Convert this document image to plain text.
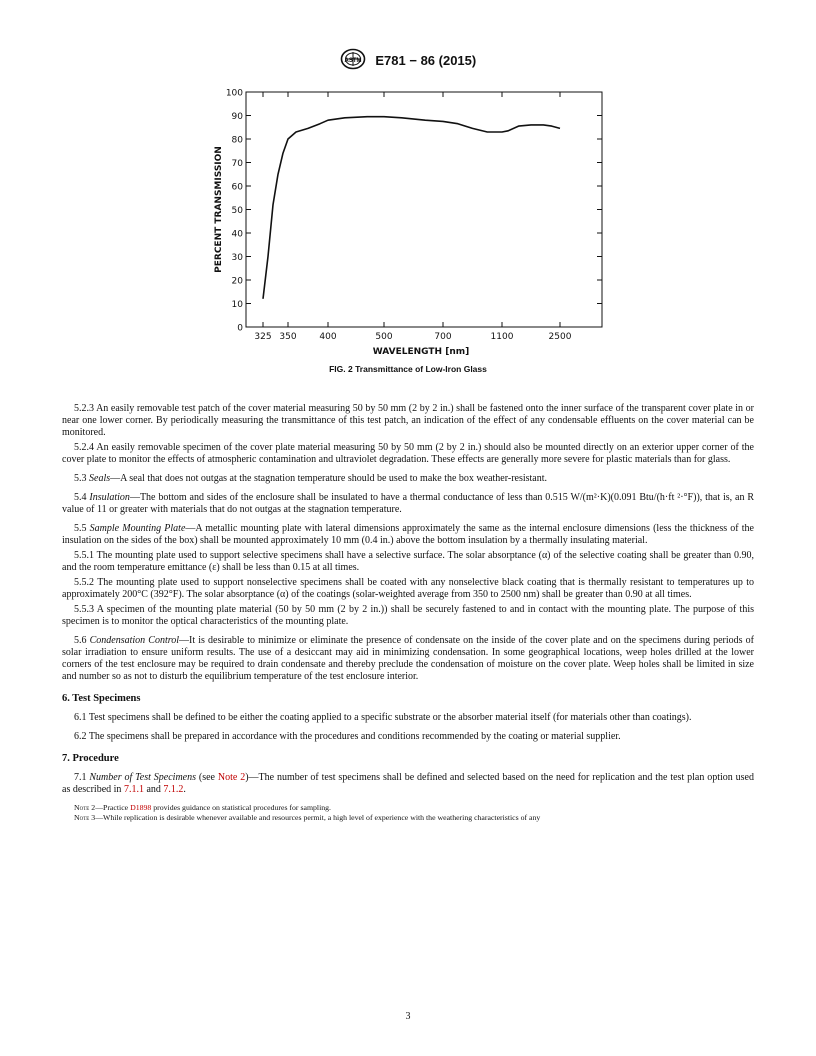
ASTM E781 − 86 (2015)
0
10
20
30
40
50
60
70
80
90
100
325 350	400	500	700	1100	2500
WAVELENGTH [nm]
PERCENT TRANSMISSION
FIG. 2 Transmittance of Low-Iron Glass

5.2.3 An easily removable test patch of the cover material measuring 50 by 50 mm (2 by 2 in.) shall be fastened onto the inner surface of the transparent cover plate in or near one lower corner. By periodically measuring the transmittance of this test patch, an indication of the effect of any condensable effluents on the cover material can be monitored.

5.2.4 An easily removable specimen of the cover plate material measuring 50 by 50 mm (2 by 2 in.) should also be mounted directly on an exterior upper corner of the cover plate to monitor the effects of atmospheric contamination and ultraviolet degradation. These effects are generally more severe for plastic materials than for glass.

5.3 Seals—A seal that does not outgas at the stagnation temperature should be used to make the box weather-resistant.

5.4 Insulation—The bottom and sides of the enclosure shall be insulated to have a thermal conductance of less than 0.515 W/(m²·K)(0.091 Btu/(h·ft ²·°F)), that is, an R value of 11 or greater with materials that do not outgas at the stagnation temperature.

5.5 Sample Mounting Plate—A metallic mounting plate with lateral dimensions approximately the same as the internal enclosure dimensions (less the thickness of the insulation on the sides of the box) shall be mounted approximately 10 mm (0.4 in.) above the bottom insulation by a thermally insulating material.

5.5.1 The mounting plate used to support selective specimens shall have a selective surface. The solar absorptance (α) of the selective coating shall be greater than 0.90, and the room temperature emittance (ε) shall be less than 0.15 at all times.

5.5.2 The mounting plate used to support nonselective specimens shall be coated with any nonselective black coating that is thermally resistant to temperatures up to approximately 200°C (392°F). The solar absorptance (α) of the coatings (solar-weighted average from 350 to 2500 nm) shall be greater than 0.90 at all times.

5.5.3 A specimen of the mounting plate material (50 by 50 mm (2 by 2 in.)) shall be securely fastened to and in contact with the mounting plate. The purpose of this specimen is to monitor the optical characteristics of the mounting plate.

5.6 Condensation Control—It is desirable to minimize or eliminate the presence of condensate on the inside of the cover plate and on the specimens during periods of solar irradiation to ensure uniform results. The use of a desiccant may aid in minimizing condensation. In some geographical locations, weep holes drilled at the lower corners of the test enclosure may be required to drain condensate and thereby preclude the condensation of moisture on the cover plate. Weep holes shall be limited in size and number so as not to disturb the equilibrium temperature of the test enclosure interior.

6. Test Specimens

6.1 Test specimens shall be defined to be either the coating applied to a specific substrate or the absorber material itself (for materials other than coatings).

6.2 The specimens shall be prepared in accordance with the procedures and conditions recommended by the coating or material supplier.

7. Procedure

7.1 Number of Test Specimens (see Note 2)—The number of test specimens shall be defined and selected based on the need for replication and the test plan option used as described in 7.1.1 and 7.1.2.

Note 2—Practice D1898 provides guidance on statistical procedures for sampling.

Note 3—While replication is desirable whenever available and resources permit, a high level of experience with the weathering characteristics of any

3
